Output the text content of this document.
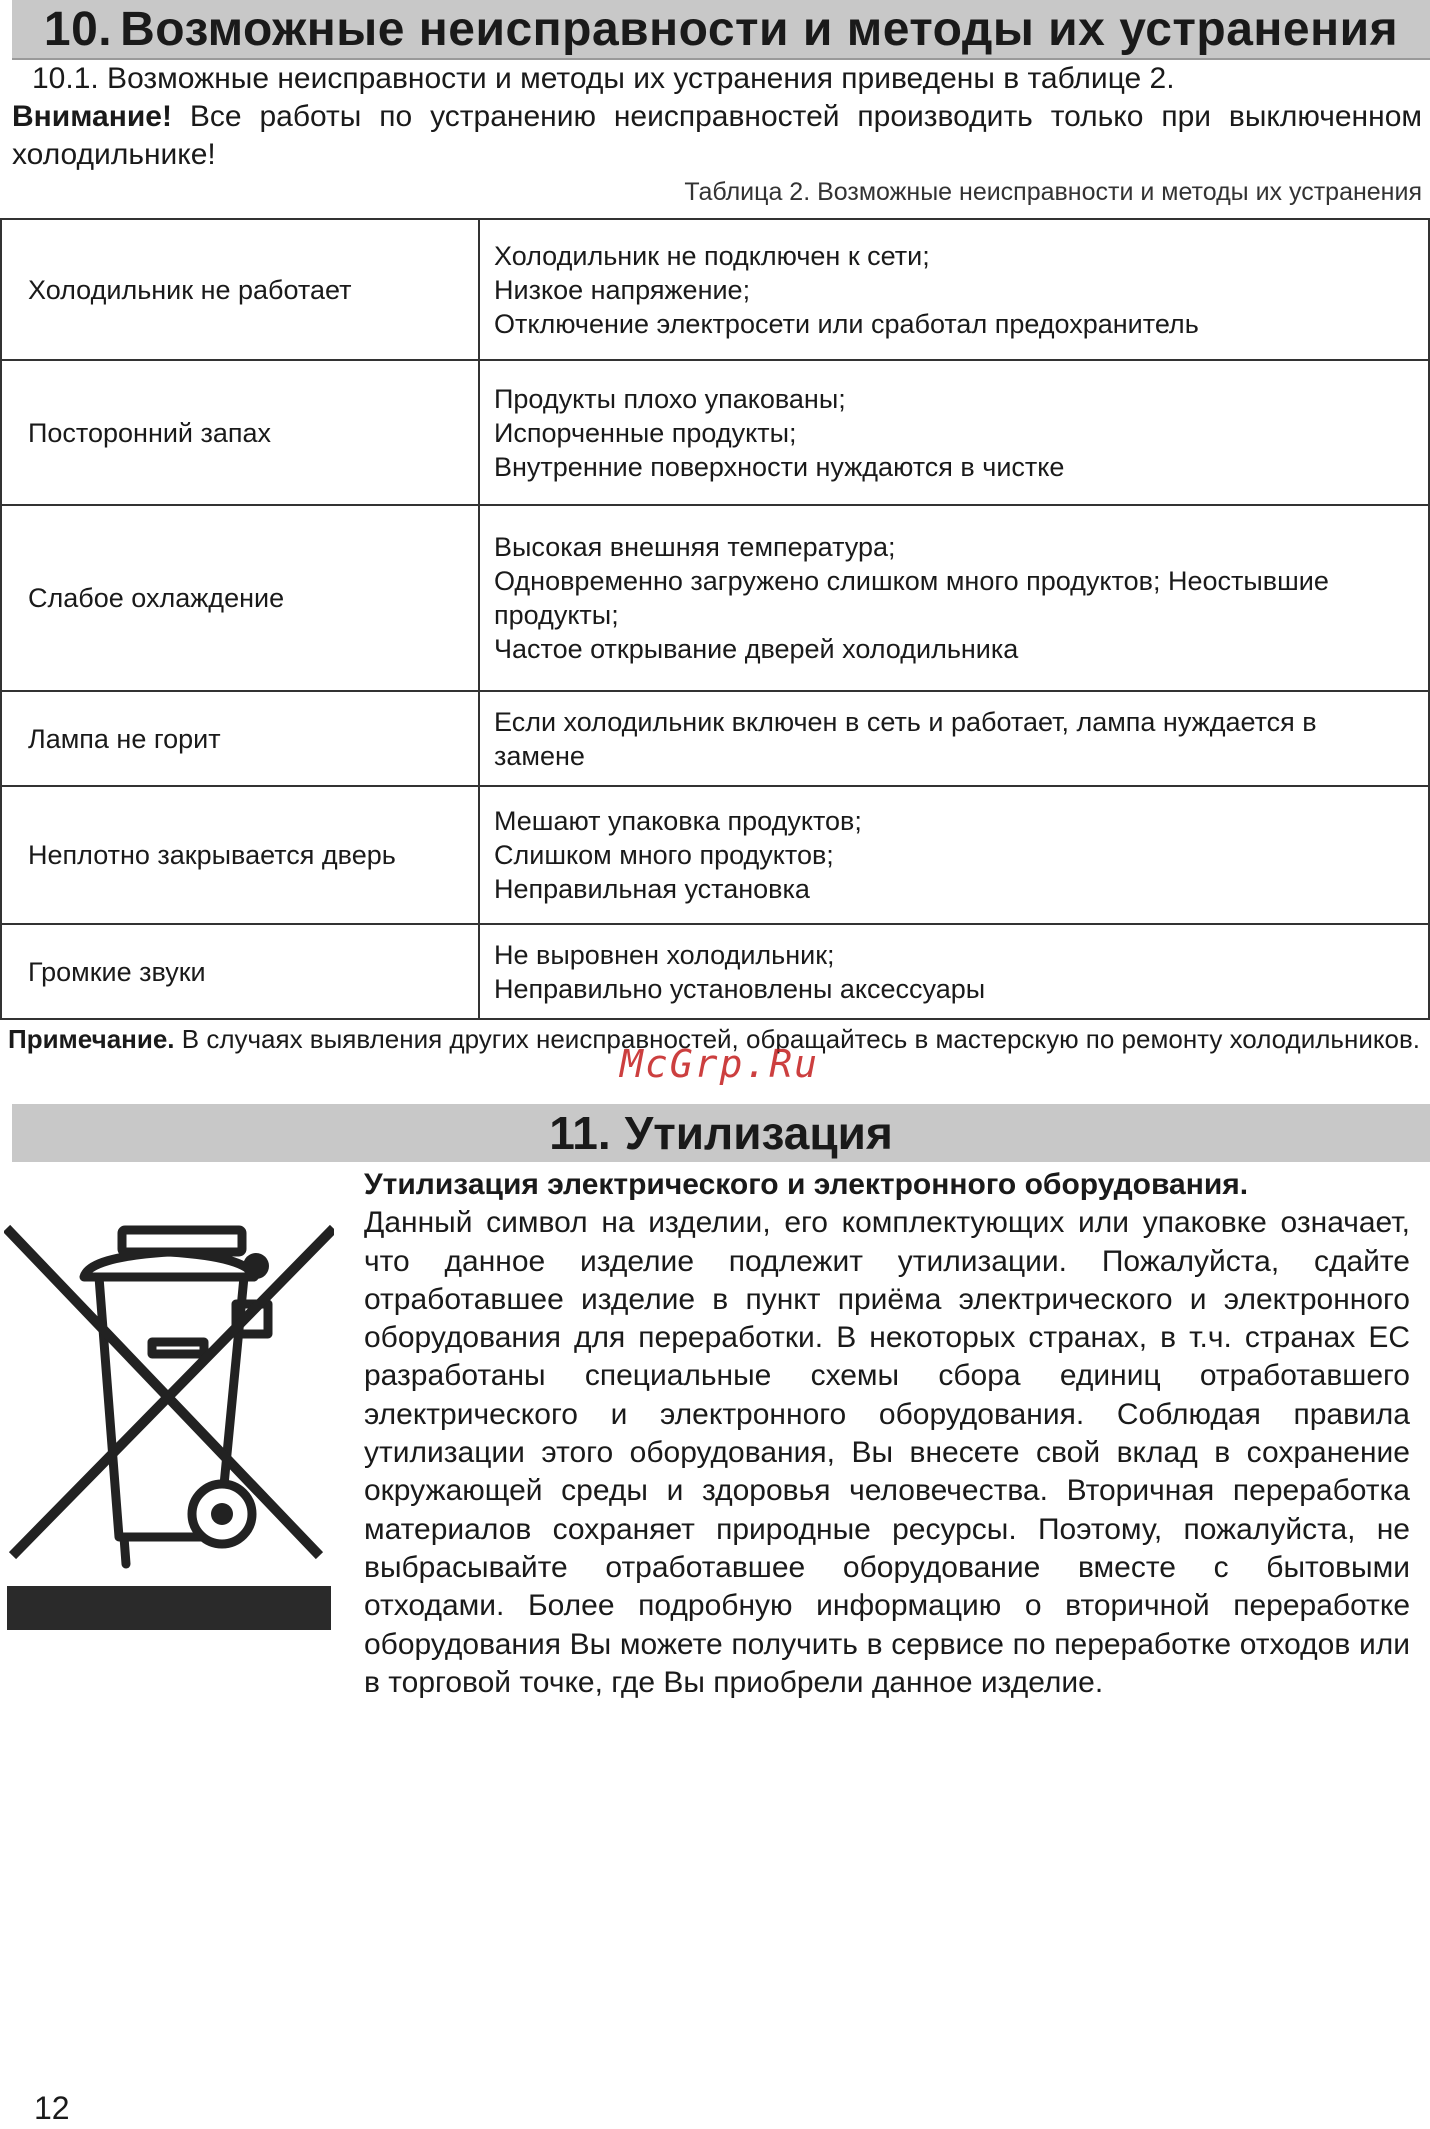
10. Возможные неисправности и методы их устранения
10.1. Возможные неисправности и методы их устранения приведены в таблице 2.
Внимание! Все работы по устранению неисправностей производить только при выключенном холодильнике!
Таблица 2. Возможные неисправности и методы их устранения
Холодильник не работает	Холодильник не подключен к сети;
Низкое напряжение;
Отключение электросети или сработал предохранитель

Посторонний запах	Продукты плохо упакованы;
Испорченные продукты;
Внутренние поверхности нуждаются в чистке

Слабое охлаждение	Высокая внешняя температура;
Одновременно загружено слишком много продуктов; Неостывшие продукты;
Частое открывание дверей холодильника

Лампа не горит	Если холодильник включен в сеть и работает, лампа нуждается в замене

Неплотно закрывается дверь	Мешают упаковка продуктов;
Слишком много продуктов;
Неправильная установка

Громкие звуки	Не выровнен холодильник;
Неправильно установлены аксессуары
Примечание. В случаях выявления других неисправностей, обращайтесь в мастерскую по ремонту холодильников.
McGrp.Ru
11. Утилизация
Утилизация электрического и электронного оборудования.
Данный символ на изделии, его комплектующих или упаковке означает, что данное изделие подлежит утилизации. Пожалуйста, сдайте отработавшее изделие в пункт приёма электрического и электронного оборудования для переработки. В некоторых странах, в т.ч. странах ЕС разработаны специальные схемы сбора единиц отработавшего электрического и электронного оборудования. Соблюдая правила утилизации этого оборудования, Вы внесете свой вклад в сохранение окружающей среды и здоровья человечества. Вторичная переработка материалов сохраняет природные ресурсы. Поэтому, пожалуйста, не выбрасывайте отработавшее оборудование вместе с бытовыми отходами. Более подробную информацию о вторичной переработке оборудования Вы можете получить в сервисе по переработке отходов или в торговой точке, где Вы приобрели данное изделие.
12
